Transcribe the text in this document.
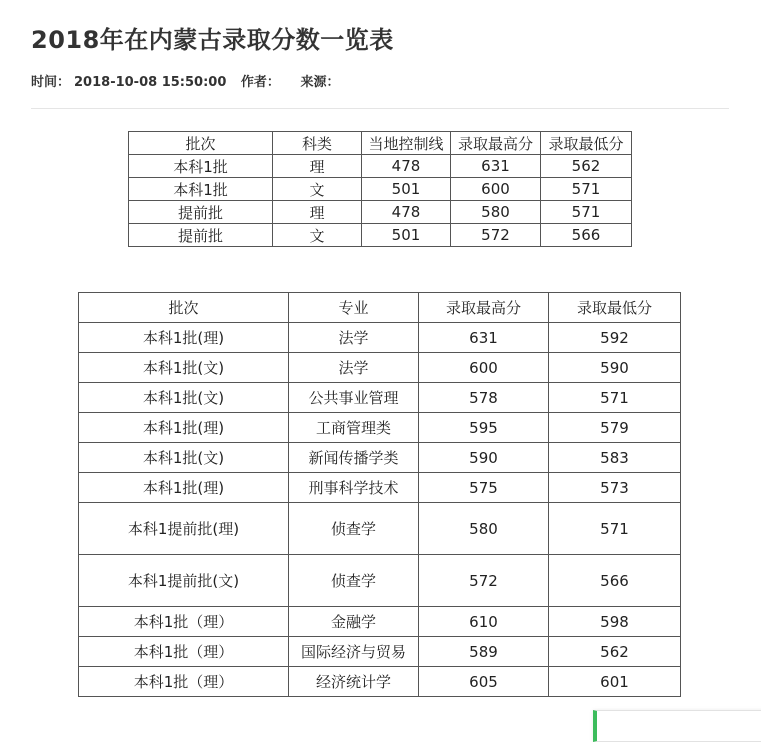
2018年在内蒙古录取分数一览表
时间： 2018-10-08 15:50:00 作者： 来源：
批次	科类	当地控制线	录取最高分	录取最低分
本科1批	理	478	631	562
本科1批	文	501	600	571
提前批	理	478	580	571
提前批	文	501	572	566
批次	专业	录取最高分	录取最低分
本科1批(理)	法学	631	592
本科1批(文)	法学	600	590
本科1批(文)	公共事业管理	578	571
本科1批(理)	工商管理类	595	579
本科1批(文)	新闻传播学类	590	583
本科1批(理)	刑事科学技术	575	573
本科1提前批(理)	侦查学	580	571
本科1提前批(文)	侦查学	572	566
本科1批（理）	金融学	610	598
本科1批（理）	国际经济与贸易	589	562
本科1批（理）	经济统计学	605	601
